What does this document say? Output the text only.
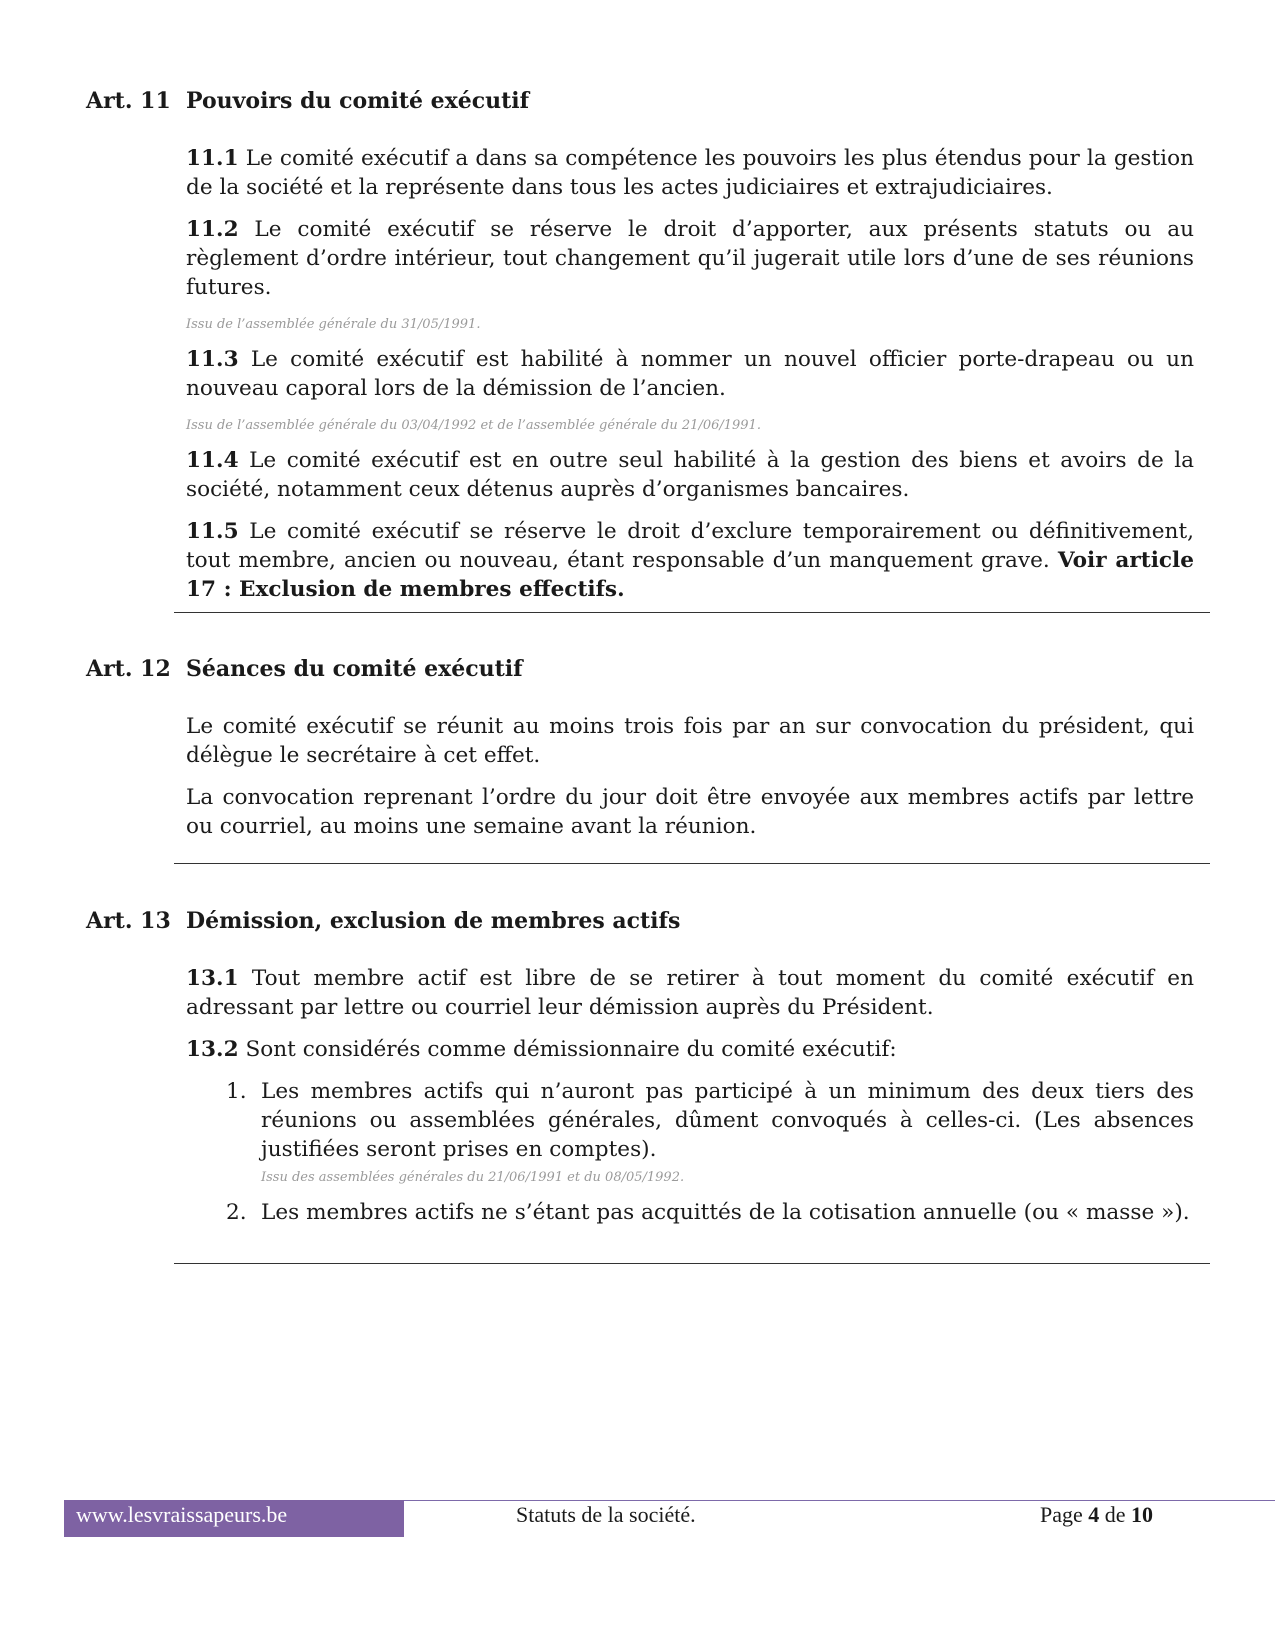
Art. 11 Pouvoirs du comité exécutif

11.1 Le comité exécutif a dans sa compétence les pouvoirs les plus étendus pour la gestion de la société et la représente dans tous les actes judiciaires et extrajudiciaires.

11.2 Le comité exécutif se réserve le droit d’apporter, aux présents statuts ou au règlement d’ordre intérieur, tout changement qu’il jugerait utile lors d’une de ses réunions futures.

Issu de l’assemblée générale du 31/05/1991.

11.3 Le comité exécutif est habilité à nommer un nouvel officier porte-drapeau ou un nouveau caporal lors de la démission de l’ancien.

Issu de l’assemblée générale du 03/04/1992 et de l’assemblée générale du 21/06/1991.

11.4 Le comité exécutif est en outre seul habilité à la gestion des biens et avoirs de la société, notamment ceux détenus auprès d’organismes bancaires.

11.5 Le comité exécutif se réserve le droit d’exclure temporairement ou définitivement, tout membre, ancien ou nouveau, étant responsable d’un manquement grave. Voir article 17 : Exclusion de membres effectifs.

Art. 12 Séances du comité exécutif

Le comité exécutif se réunit au moins trois fois par an sur convocation du président, qui délègue le secrétaire à cet effet.

La convocation reprenant l’ordre du jour doit être envoyée aux membres actifs par lettre ou courriel, au moins une semaine avant la réunion.

Art. 13 Démission, exclusion de membres actifs

13.1 Tout membre actif est libre de se retirer à tout moment du comité exécutif en adressant par lettre ou courriel leur démission auprès du Président.

13.2 Sont considérés comme démissionnaire du comité exécutif:

1. Les membres actifs qui n’auront pas participé à un minimum des deux tiers des réunions ou assemblées générales, dûment convoqués à celles-ci. (Les absences justifiées seront prises en comptes).
Issu des assemblées générales du 21/06/1991 et du 08/05/1992.
2. Les membres actifs ne s’étant pas acquittés de la cotisation annuelle (ou « masse »).
www.lesvraissapeurs.be	Statuts de la société.	Page 4 de 10
